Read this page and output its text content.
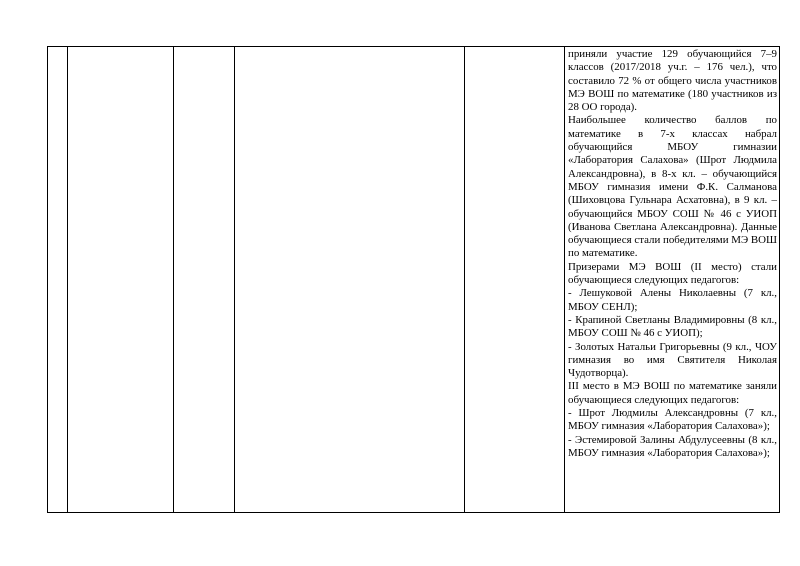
приняли участие 129 обучающийся 7–9 классов (2017/2018 уч.г. – 176 чел.), что составило 72 % от общего числа участников МЭ ВОШ по математике (180 участников из 28 ОО города).

Наибольшее количество баллов по математике в 7-х классах набрал обучающийся МБОУ гимназии «Лаборатория Салахова» (Шрот Людмила Александровна), в 8-х кл. – обучающийся МБОУ гимназия имени Ф.К. Салманова (Шиховцова Гульнара Асхатовна), в 9 кл. – обучающийся МБОУ СОШ № 46 с УИОП (Иванова Светлана Александровна). Данные обучающиеся стали победителями МЭ ВОШ по математике.

Призерами МЭ ВОШ (II место) стали обучающиеся следующих педагогов:

- Лешуковой Алены Николаевны (7 кл., МБОУ СЕНЛ);

- Крапиной Светланы Владимировны (8 кл., МБОУ СОШ № 46 с УИОП);

- Золотых Натальи Григорьевны (9 кл., ЧОУ гимназия во имя Святителя Николая Чудотворца).

III место в МЭ ВОШ по математике заняли обучающиеся следующих педагогов:

- Шрот Людмилы Александровны (7 кл., МБОУ гимназия «Лаборатория Салахова»);

- Эстемировой Залины Абдулусеевны (8 кл., МБОУ гимназия «Лаборатория Салахова»);
